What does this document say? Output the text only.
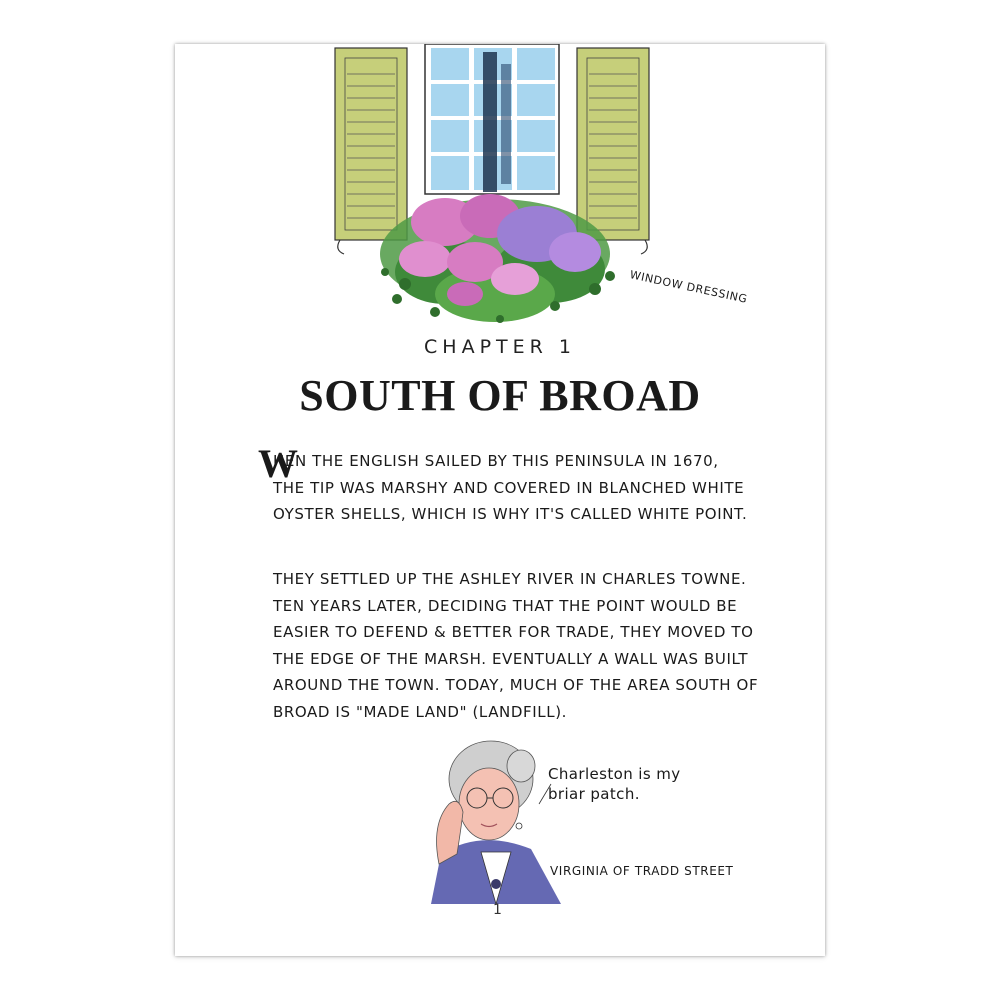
WINDOW DRESSING
CHAPTER 1
SOUTH OF BROAD
W
HEN THE ENGLISH SAILED BY THIS PENINSULA IN 1670,
THE TIP WAS MARSHY AND COVERED IN BLANCHED WHITE
OYSTER SHELLS, WHICH IS WHY IT'S CALLED WHITE POINT.
THEY SETTLED UP THE ASHLEY RIVER IN CHARLES TOWNE.
TEN YEARS LATER, DECIDING THAT THE POINT WOULD BE
EASIER TO DEFEND & BETTER FOR TRADE, THEY MOVED TO
THE EDGE OF THE MARSH. EVENTUALLY A WALL WAS BUILT
AROUND THE TOWN. TODAY, MUCH OF THE AREA SOUTH OF
BROAD IS "MADE LAND" (LANDFILL).
Charleston is my
briar patch.
VIRGINIA OF TRADD STREET
1
